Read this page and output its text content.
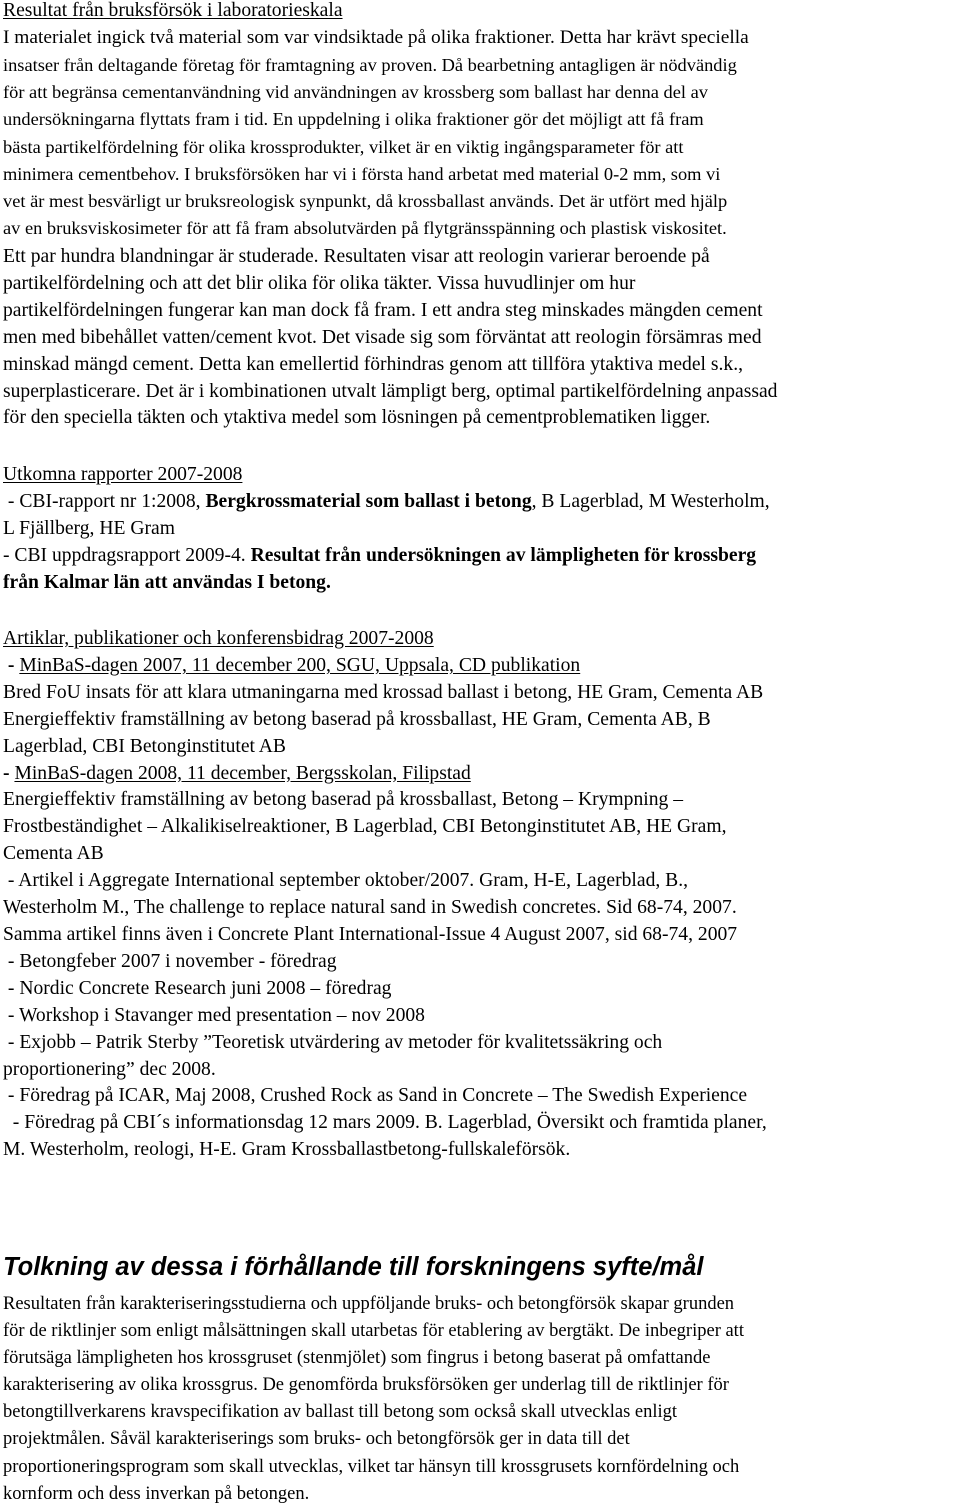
Resultat från bruksförsök i laboratorieskala
I materialet ingick två material som var vindsiktade på olika fraktioner. Detta har krävt speciella
insatser från deltagande företag för framtagning av proven. Då bearbetning antagligen är nödvändig
för att begränsa cementanvändning vid användningen av krossberg som ballast har denna del av
undersökningarna flyttats fram i tid. En uppdelning i olika fraktioner gör det möjligt att få fram
bästa partikelfördelning för olika krossprodukter, vilket är en viktig ingångsparameter för att
minimera cementbehov. I bruksförsöken har vi i första hand arbetat med material 0-2 mm, som vi
vet är mest besvärligt ur bruksreologisk synpunkt, då krossballast används. Det är utfört med hjälp
av en bruksviskosimeter för att få fram absolutvärden på flytgränsspänning och plastisk viskositet.
Ett par hundra blandningar är studerade. Resultaten visar att reologin varierar beroende på
partikelfördelning och att det blir olika för olika täkter. Vissa huvudlinjer om hur
partikelfördelningen fungerar kan man dock få fram. I ett andra steg minskades mängden cement
men med bibehållet vatten/cement kvot. Det visade sig som förväntat att reologin försämras med
minskad mängd cement. Detta kan emellertid förhindras genom att tillföra ytaktiva medel s.k.,
superplasticerare. Det är i kombinationen utvalt lämpligt berg, optimal partikelfördelning anpassad
för den speciella täkten och ytaktiva medel som lösningen på cementproblematiken ligger.
Utkomna rapporter 2007-2008
- CBI-rapport nr 1:2008, Bergkrossmaterial som ballast i betong, B Lagerblad, M Westerholm,
L Fjällberg, HE Gram
- CBI uppdragsrapport 2009-4. Resultat från undersökningen av lämpligheten för krossberg
från Kalmar län att användas I betong.
Artiklar, publikationer och konferensbidrag 2007-2008
- MinBaS-dagen 2007, 11 december 200, SGU, Uppsala, CD publikation
Bred FoU insats för att klara utmaningarna med krossad ballast i betong, HE Gram, Cementa AB
Energieffektiv framställning av betong baserad på krossballast, HE Gram, Cementa AB, B
Lagerblad, CBI Betonginstitutet AB
- MinBaS-dagen 2008, 11 december, Bergsskolan, Filipstad
Energieffektiv framställning av betong baserad på krossballast, Betong – Krympning –
Frostbeständighet – Alkalikiselreaktioner, B Lagerblad, CBI Betonginstitutet AB, HE Gram,
Cementa AB
- Artikel i Aggregate International september oktober/2007. Gram, H-E, Lagerblad, B.,
Westerholm M., The challenge to replace natural sand in Swedish concretes. Sid 68-74, 2007.
Samma artikel finns även i Concrete Plant International-Issue 4 August 2007, sid 68-74, 2007
- Betongfeber 2007 i november - föredrag
- Nordic Concrete Research juni 2008 – föredrag
- Workshop i Stavanger med presentation – nov 2008
- Exjobb – Patrik Sterby ”Teoretisk utvärdering av metoder för kvalitetssäkring och
proportionering” dec 2008.
- Föredrag på ICAR, Maj 2008, Crushed Rock as Sand in Concrete – The Swedish Experience
- Föredrag på CBI´s informationsdag 12 mars 2009. B. Lagerblad, Översikt och framtida planer,
M. Westerholm, reologi, H-E. Gram Krossballastbetong-fullskaleförsök.
Tolkning av dessa i förhållande till forskningens syfte/mål
Resultaten från karakteriseringsstudierna och uppföljande bruks- och betongförsök skapar grunden
för de riktlinjer som enligt målsättningen skall utarbetas för etablering av bergtäkt. De inbegriper att
förutsäga lämpligheten hos krossgruset (stenmjölet) som fingrus i betong baserat på omfattande
karakterisering av olika krossgrus. De genomförda bruksförsöken ger underlag till de riktlinjer för
betongtillverkarens kravspecifikation av ballast till betong som också skall utvecklas enligt
projektmålen. Såväl karakteriserings som bruks- och betongförsök ger in data till det
proportioneringsprogram som skall utvecklas, vilket tar hänsyn till krossgrusets kornfördelning och
kornform och dess inverkan på betongen.
